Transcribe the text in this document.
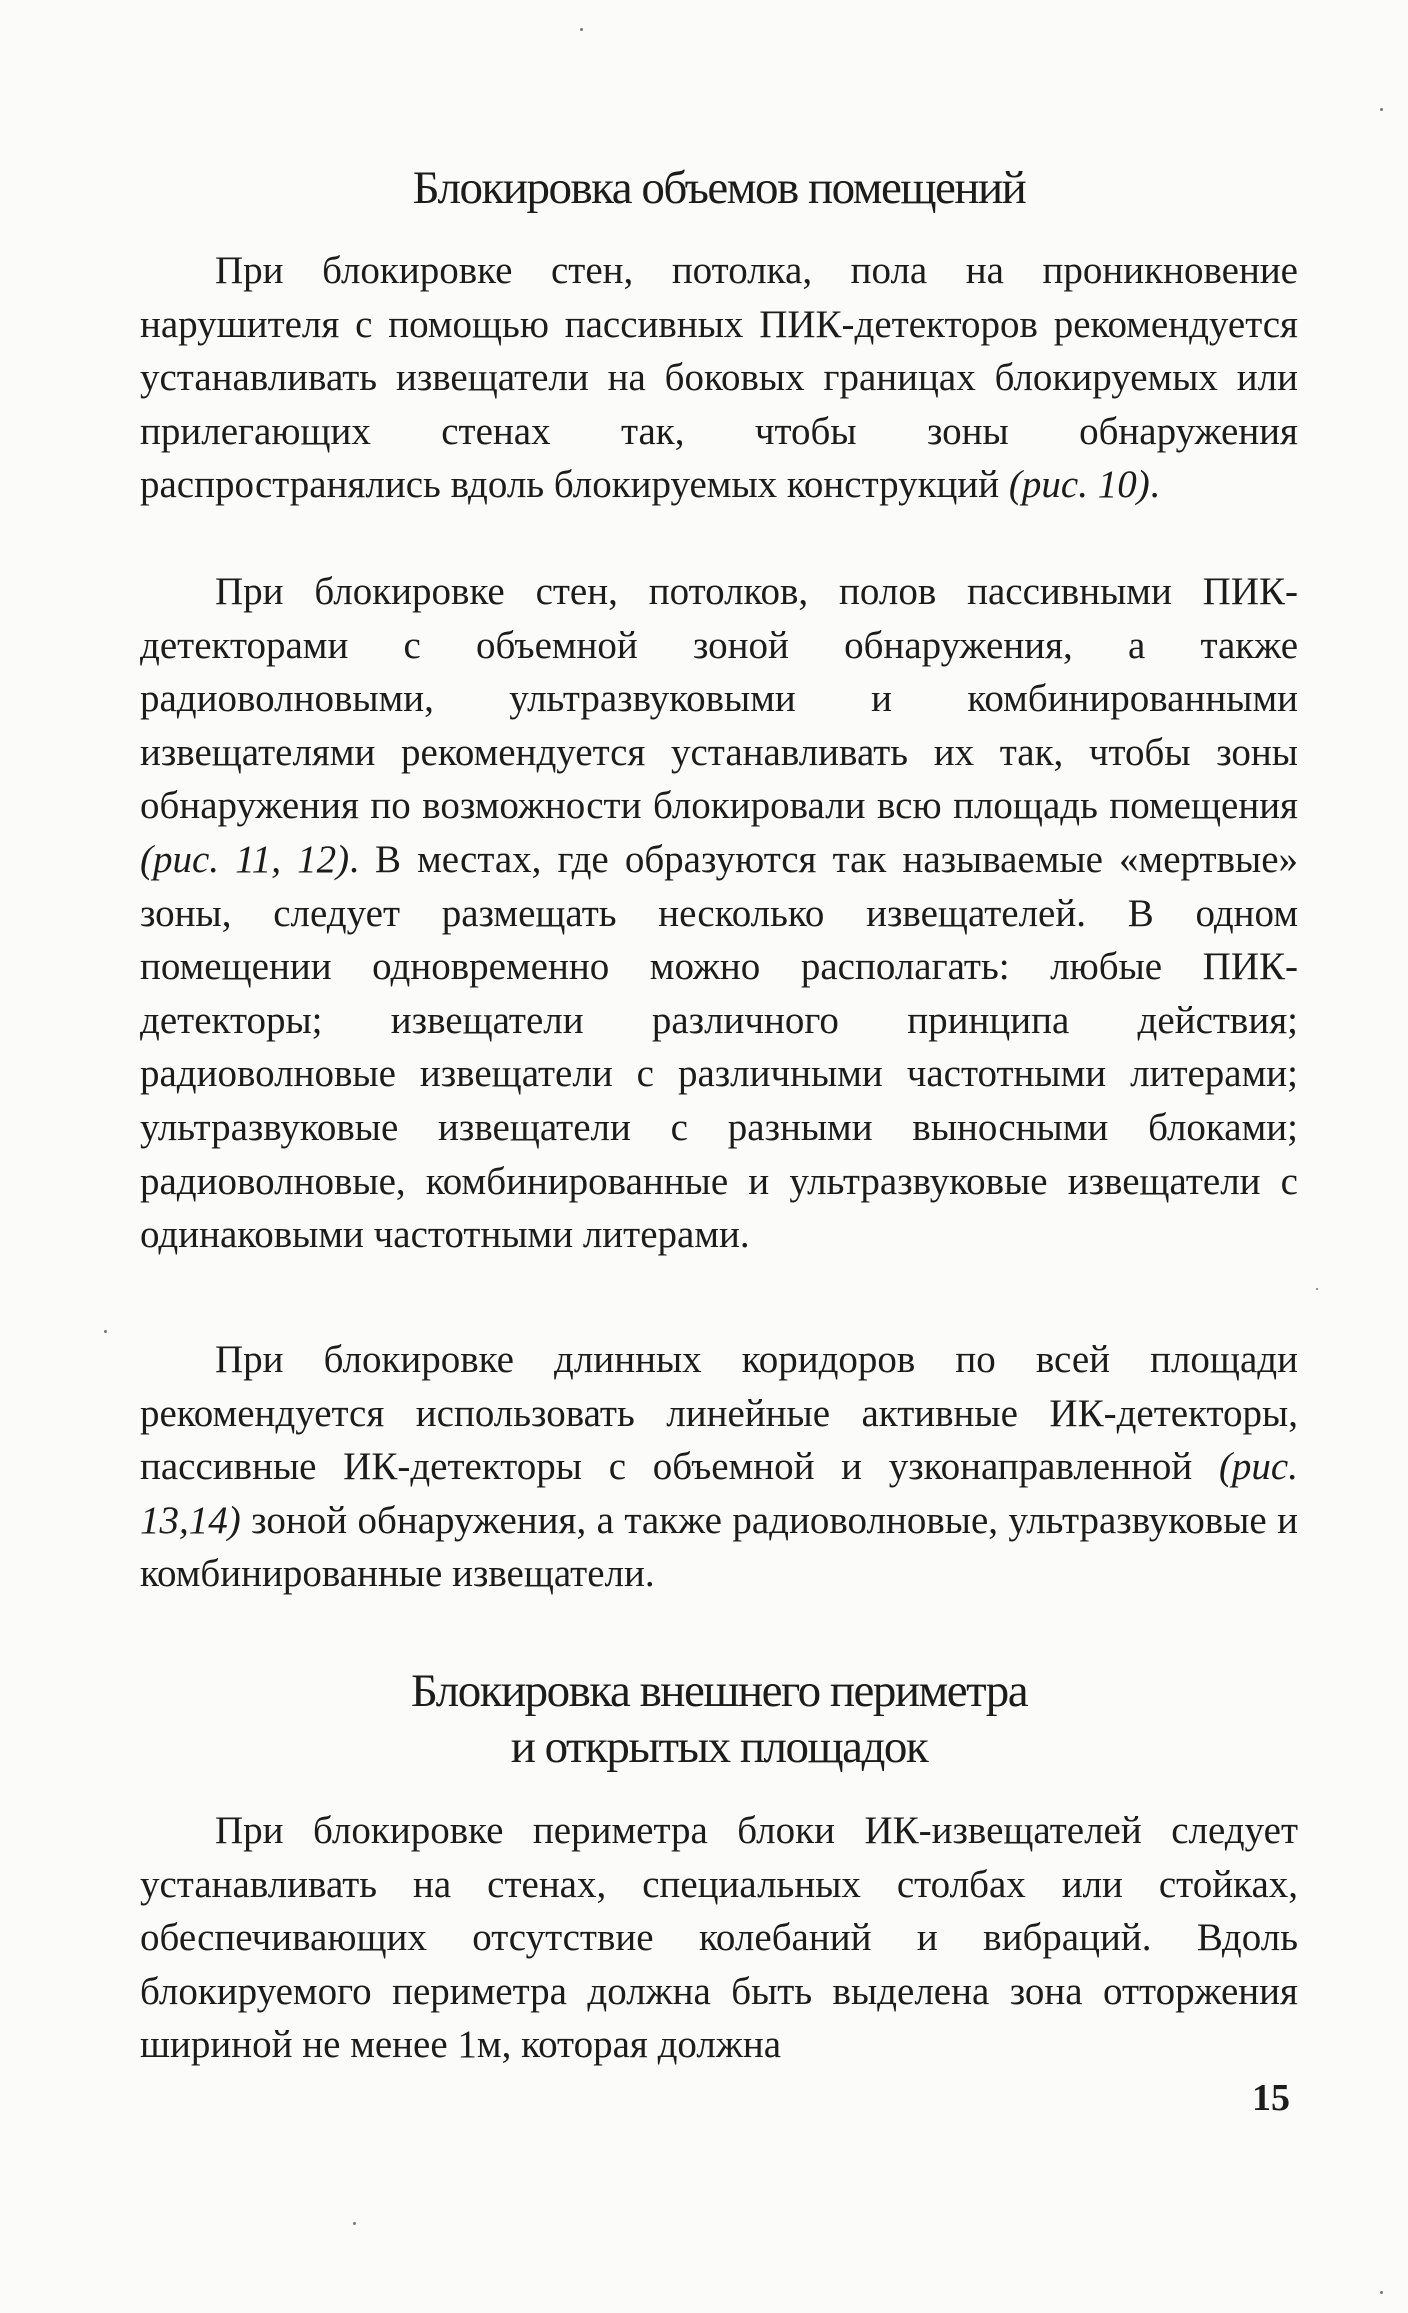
Блокировка объемов помещений

При блокировке стен, потолка, пола на проникновение нарушителя с помощью пассивных ПИК-детекторов рекомендуется устанавливать извещатели на боковых границах блокируемых или прилегающих стенах так, чтобы зоны обнаружения распространялись вдоль блокируемых конструкций (рис. 10).

При блокировке стен, потолков, полов пассивными ПИК-детекторами с объемной зоной обнаружения, а также радиоволновыми, ультразвуковыми и комбинированными извещателями рекомендуется устанавливать их так, чтобы зоны обнаружения по возможности блокировали всю площадь помещения (рис. 11, 12). В местах, где образуются так называемые «мертвые» зоны, следует размещать несколько извещателей. В одном помещении одновременно можно располагать: любые ПИК-детекторы; извещатели различного принципа действия; радиоволновые извещатели с различными частотными литерами; ультразвуковые извещатели с разными выносными блоками; радиоволновые, комбинированные и ультразвуковые извещатели с одинаковыми частотными литерами.

При блокировке длинных коридоров по всей площади рекомендуется использовать линейные активные ИК-детекторы, пассивные ИК-детекторы с объемной и узконаправленной (рис. 13,14) зоной обнаружения, а также радиоволновые, ультразвуковые и комбинированные извещатели.

Блокировка внешнего периметра
и открытых площадок

При блокировке периметра блоки ИК-извещателей следует устанавливать на стенах, специальных столбах или стойках, обеспечивающих отсутствие колебаний и вибраций. Вдоль блокируемого периметра должна быть выделена зона отторжения шириной не менее 1м, которая должна

15
